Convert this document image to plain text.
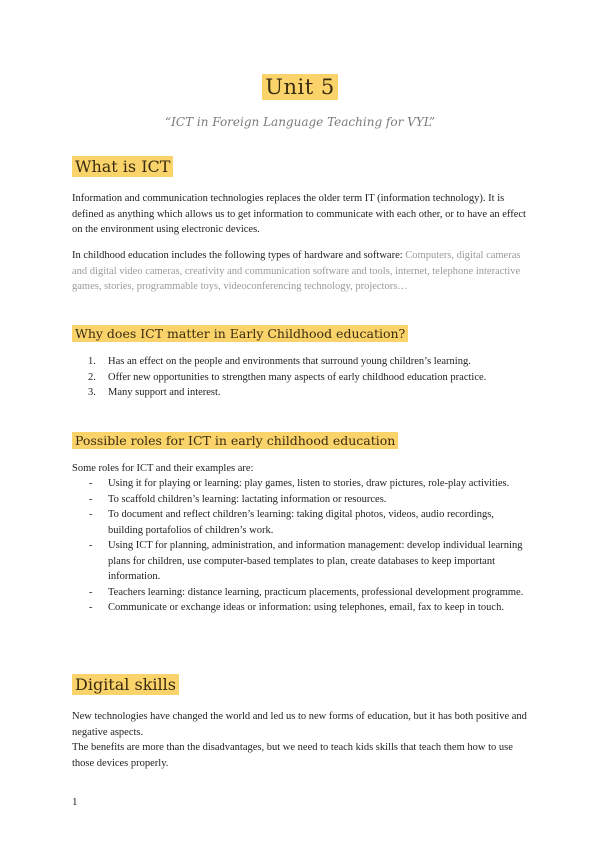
Unit 5
“ICT in Foreign Language Teaching for VYL”
What is ICT
Information and communication technologies replaces the older term IT (information technology). It is defined as anything which allows us to get information to communicate with each other, or to have an effect on the environment using electronic devices.
In childhood education includes the following types of hardware and software: Computers, digital cameras and digital video cameras, creativity and communication software and tools, internet, telephone interactive games, stories, programmable toys, videoconferencing technology, projectors…
Why does ICT matter in Early Childhood education?
1. Has an effect on the people and environments that surround young children’s learning.
2. Offer new opportunities to strengthen many aspects of early childhood education practice.
3. Many support and interest.
Possible roles for ICT in early childhood education
Some roles for ICT and their examples are:
- Using it for playing or learning: play games, listen to stories, draw pictures, role-play activities.
- To scaffold children’s learning: lactating information or resources.
- To document and reflect children’s learning: taking digital photos, videos, audio recordings, building portafolios of children’s work.
- Using ICT for planning, administration, and information management: develop individual learning plans for children, use computer-based templates to plan, create databases to keep important information.
- Teachers learning: distance learning, practicum placements, professional development programme.
- Communicate or exchange ideas or information: using telephones, email, fax to keep in touch.
Digital skills
New technologies have changed the world and led us to new forms of education, but it has both positive and negative aspects.
The benefits are more than the disadvantages, but we need to teach kids skills that teach them how to use those devices properly.
1
